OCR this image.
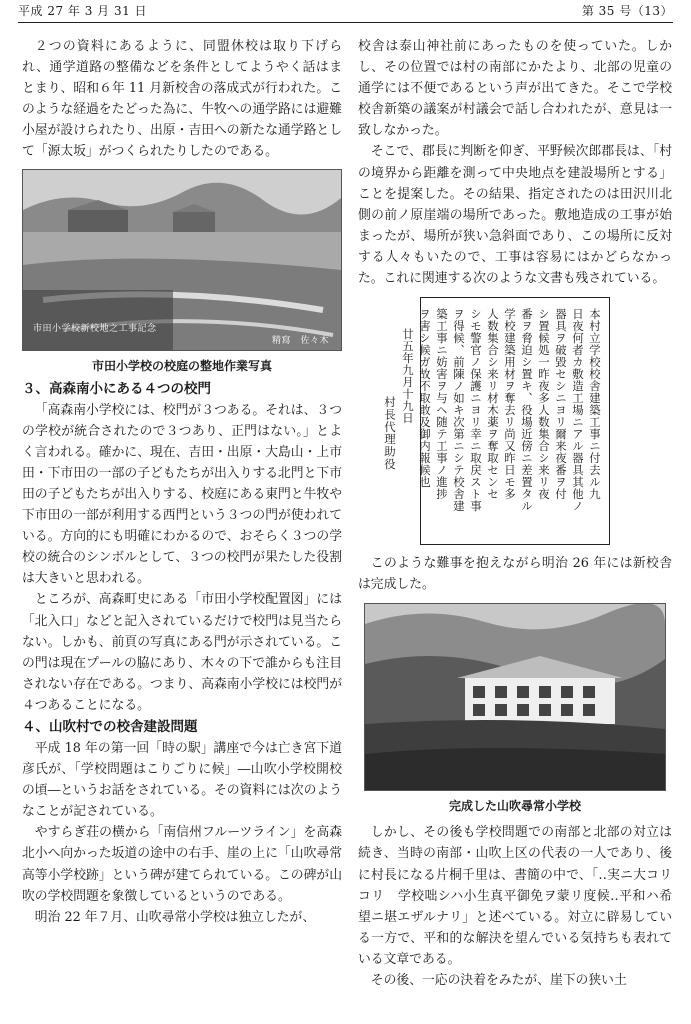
平成 27 年 3 月 31 日	第 35 号（13）

２つの資料にあるように、同盟休校は取り下げられ、通学道路の整備などを条件としてようやく話はまとまり、昭和６年 11 月新校舎の落成式が行われた。このような経過をたどった為に、牛牧への通学路には避難小屋が設けられたり、出原・吉田への新たな通学路として「源太坂」がつくられたりしたのである。

市田小学校新校地之工事記念
精寫　佐々木

市田小学校の校庭の整地作業写真

３、高森南小にある４つの校門

「高森南小学校には、校門が３つある。それは、３つの学校が統合されたので３つあり、正門はない。」とよく言われる。確かに、現在、吉田・出原・大島山・上市田・下市田の一部の子どもたちが出入りする北門と下市田の子どもたちが出入りする、校庭にある東門と牛牧や下市田の一部が利用する西門という３つの門が使われている。方向的にも明確にわかるので、おそらく３つの学校の統合のシンボルとして、３つの校門が果たした役割は大きいと思われる。

ところが、高森町史にある「市田小学校配置図」には「北入口」などと記入されているだけで校門は見当たらない。しかも、前頁の写真にある門が示されている。この門は現在プールの脇にあり、木々の下で誰からも注目されない存在である。つまり、高森南小学校には校門が４つあることになる。

４、山吹村での校舎建設問題

平成 18 年の第一回「時の駅」講座で今は亡き宮下道彦氏が、「学校問題はこりごりに候」―山吹小学校開校の頃―というお話をされている。その資料には次のようなことが記されている。

やすらぎ荘の横から「南信州フルーツライン」を高森北小へ向かった坂道の途中の右手、崖の上に「山吹尋常高等小学校跡」という碑が建てられている。この碑が山吹の学校問題を象徴しているというのである。

明治 22 年７月、山吹尋常小学校は独立したが、

校舎は泰山神社前にあったものを使っていた。しかし、その位置では村の南部にかたより、北部の児童の通学には不便であるという声が出てきた。そこで学校校舎新築の議案が村議会で話し合われたが、意見は一致しなかった。

そこで、郡長に判断を仰ぎ、平野候次郎郡長は、「村の境界から距離を測って中央地点を建設場所とする」ことを提案した。その結果、指定されたのは田沢川北側の前ノ原崖端の場所であった。敷地造成の工事が始まったが、場所が狭い急斜面であり、この場所に反対する人々もいたので、工事は容易にはかどらなかった。これに関連する次のような文書も残されている。

本村立学校校舎建築工事ニ付去ル九
日夜何者カ敷造工場ニアル器具其他ノ
器具ヲ破毀セシニヨリ爾来夜番ヲ付
シ置候処一昨夜多人数集合シ来リ夜
番ヲ脅迫シ置キ、役場近傍ニ差置タル
学校建築用材ヲ奪去リ尚又昨日モ多
人数集合シ来リ材木薬ヲ奪取センセ
シモ警官ノ保護ニヨリ幸ニ取戻スト事
ヲ得候、前陳ノ如キ次第ニシテ校舎建
築工事ニ妨害ヲ与ヘ随テ工事ノ進捗
ヲ害シ候ガ故不取敢及御内報候也
廿五年九月十九日
村長代理助役

このような難事を抱えながら明治 26 年には新校舎は完成した。

完成した山吹尋常小学校

しかし、その後も学校問題での南部と北部の対立は続き、当時の南部・山吹上区の代表の一人であり、後に村長になる片桐千里は、書簡の中で、「‥実ニ大コリコリ　学校咄シハ小生真平御免ヲ蒙リ度候‥平和ハ希望ニ堪エザルナリ」と述べている。対立に辟易している一方で、平和的な解決を望んでいる気持ちも表れている文章である。

その後、一応の決着をみたが、崖下の狭い土
